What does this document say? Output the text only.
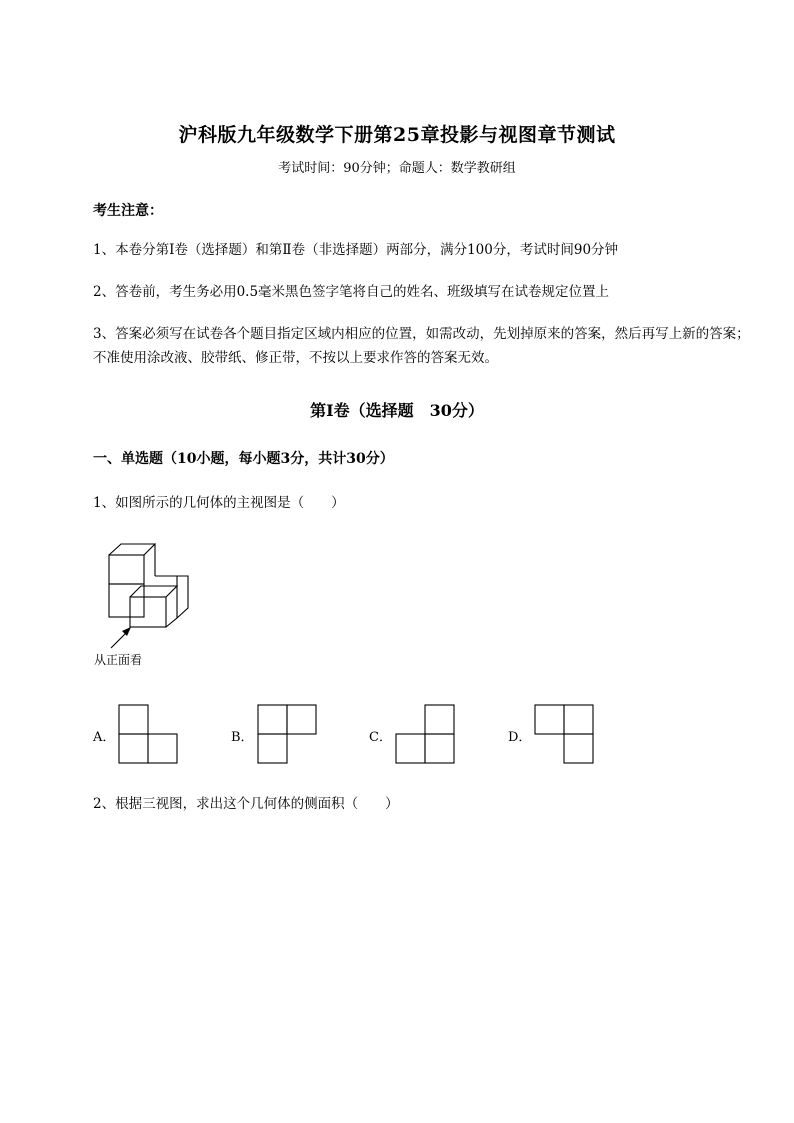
沪科版九年级数学下册第25章投影与视图章节测试
考试时间：90分钟；命题人：数学教研组
考生注意：
1、本卷分第I卷（选择题）和第Ⅱ卷（非选择题）两部分，满分100分，考试时间90分钟
2、答卷前，考生务必用0.5毫米黑色签字笔将自己的姓名、班级填写在试卷规定位置上
3、答案必须写在试卷各个题目指定区域内相应的位置，如需改动，先划掉原来的答案，然后再写上新的答案；不准使用涂改液、胶带纸、修正带，不按以上要求作答的答案无效。
第I卷（选择题　30分）
一、单选题（10小题，每小题3分，共计30分）
1、如图所示的几何体的主视图是（　　）
从正面看
A．	B．	C．	D．
2、根据三视图，求出这个几何体的侧面积（　　）
